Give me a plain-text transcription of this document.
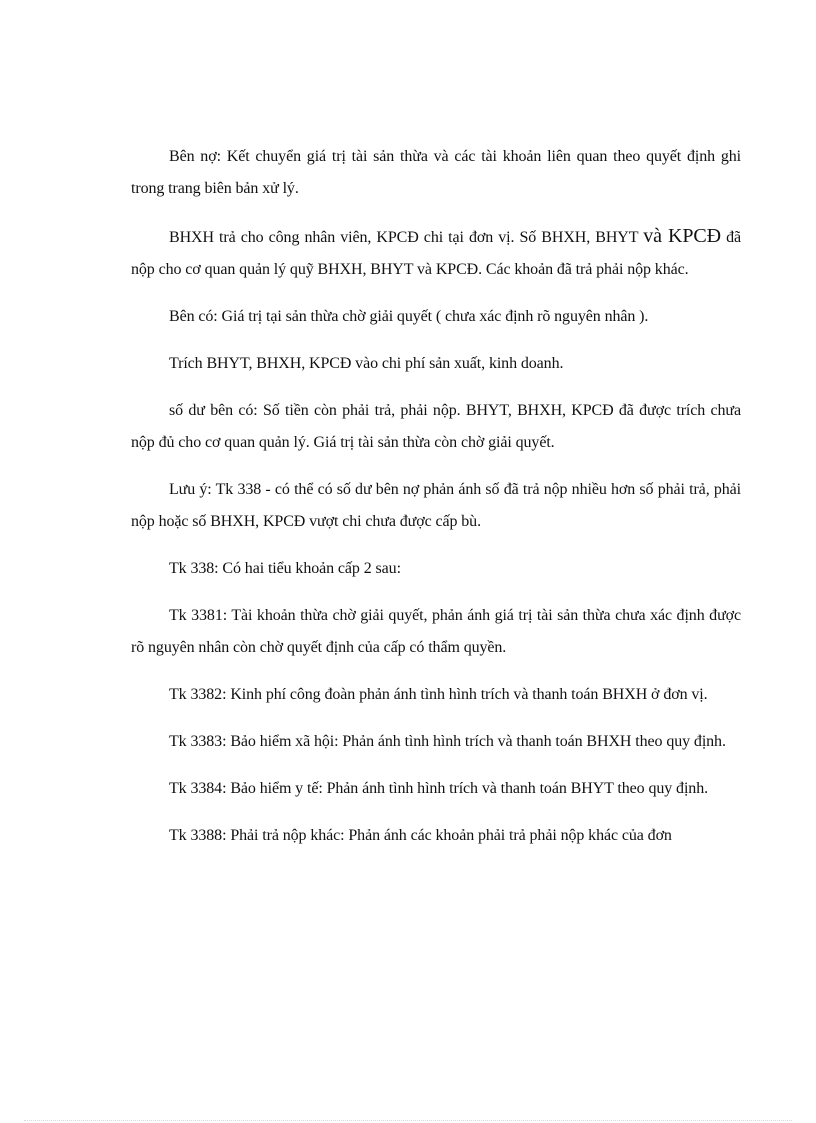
Bên nợ: Kết chuyển giá trị tài sản thừa và các tài khoản liên quan theo quyết định ghi trong trang biên bản xử lý.

BHXH trả cho công nhân viên, KPCĐ chi tại đơn vị. Số BHXH, BHYT và KPCĐ đã nộp cho cơ quan quản lý quỹ BHXH, BHYT và KPCĐ. Các khoản đã trả phải nộp khác.

Bên có: Giá trị tại sản thừa chờ giải quyết ( chưa xác định rõ nguyên nhân ).

Trích BHYT, BHXH, KPCĐ vào chi phí sản xuất, kinh doanh.

số dư bên có: Số tiền còn phải trả, phải nộp. BHYT, BHXH, KPCĐ đã được trích chưa nộp đủ cho cơ quan quản lý. Giá trị tài sản thừa còn chờ giải quyết.

Lưu ý: Tk 338 - có thể có số dư bên nợ phản ánh số đã trả nộp nhiều hơn số phải trả, phải nộp hoặc số BHXH, KPCĐ vượt chi chưa được cấp bù.

Tk 338: Có hai tiểu khoản cấp 2 sau:

Tk 3381: Tài khoản thừa chờ giải quyết, phản ánh giá trị tài sản thừa chưa xác định được rõ nguyên nhân còn chờ quyết định của cấp có thẩm quyền.

Tk 3382: Kinh phí công đoàn phản ánh tình hình trích và thanh toán BHXH ở đơn vị.

Tk 3383: Bảo hiểm xã hội: Phản ánh tình hình trích và thanh toán BHXH theo quy định.

Tk 3384: Bảo hiểm y tế: Phản ánh tình hình trích và thanh toán BHYT theo quy định.

Tk 3388: Phải trả nộp khác: Phản ánh các khoản phải trả phải nộp khác của đơn
